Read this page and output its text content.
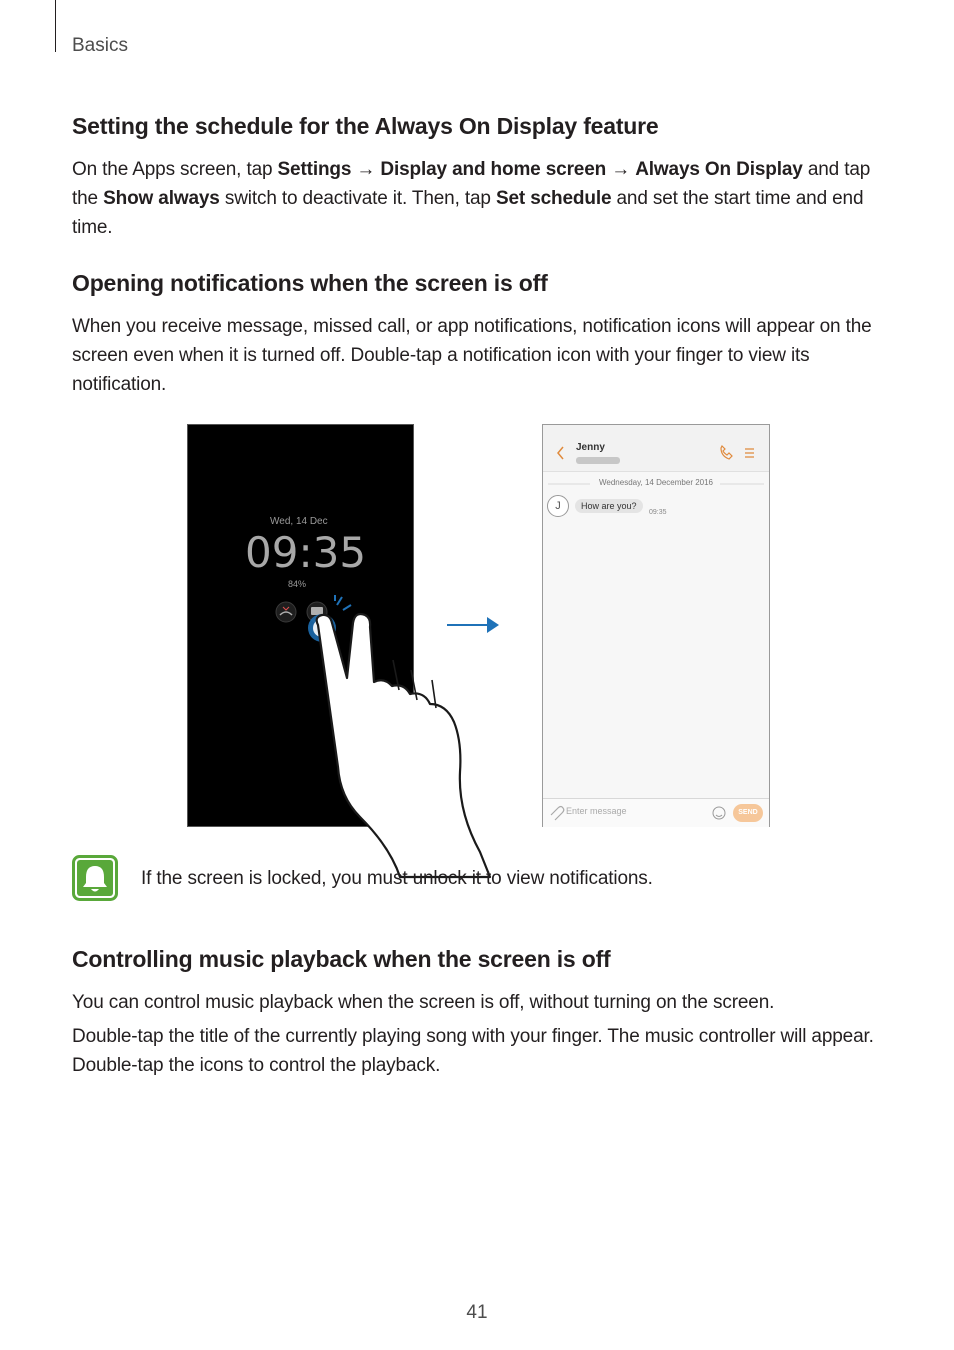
Basics
Setting the schedule for the Always On Display feature

On the Apps screen, tap Settings → Display and home screen → Always On Display and tap the Show always switch to deactivate it. Then, tap Set schedule and set the start time and end time.

Opening notifications when the screen is off

When you receive message, missed call, or app notifications, notification icons will appear on the screen even when it is turned off. Double-tap a notification icon with your finger to view its notification.

Controlling music playback when the screen is off

You can control music playback when the screen is off, without turning on the screen.

Double-tap the title of the currently playing song with your finger. The music controller will appear. Double-tap the icons to control the playback.

Wed, 14 Dec
09:35
84%
Jenny
Wednesday, 14 December 2016
J	How are you?
09:35
Enter message	SEND
If the screen is locked, you must unlock it to view notifications.
41
